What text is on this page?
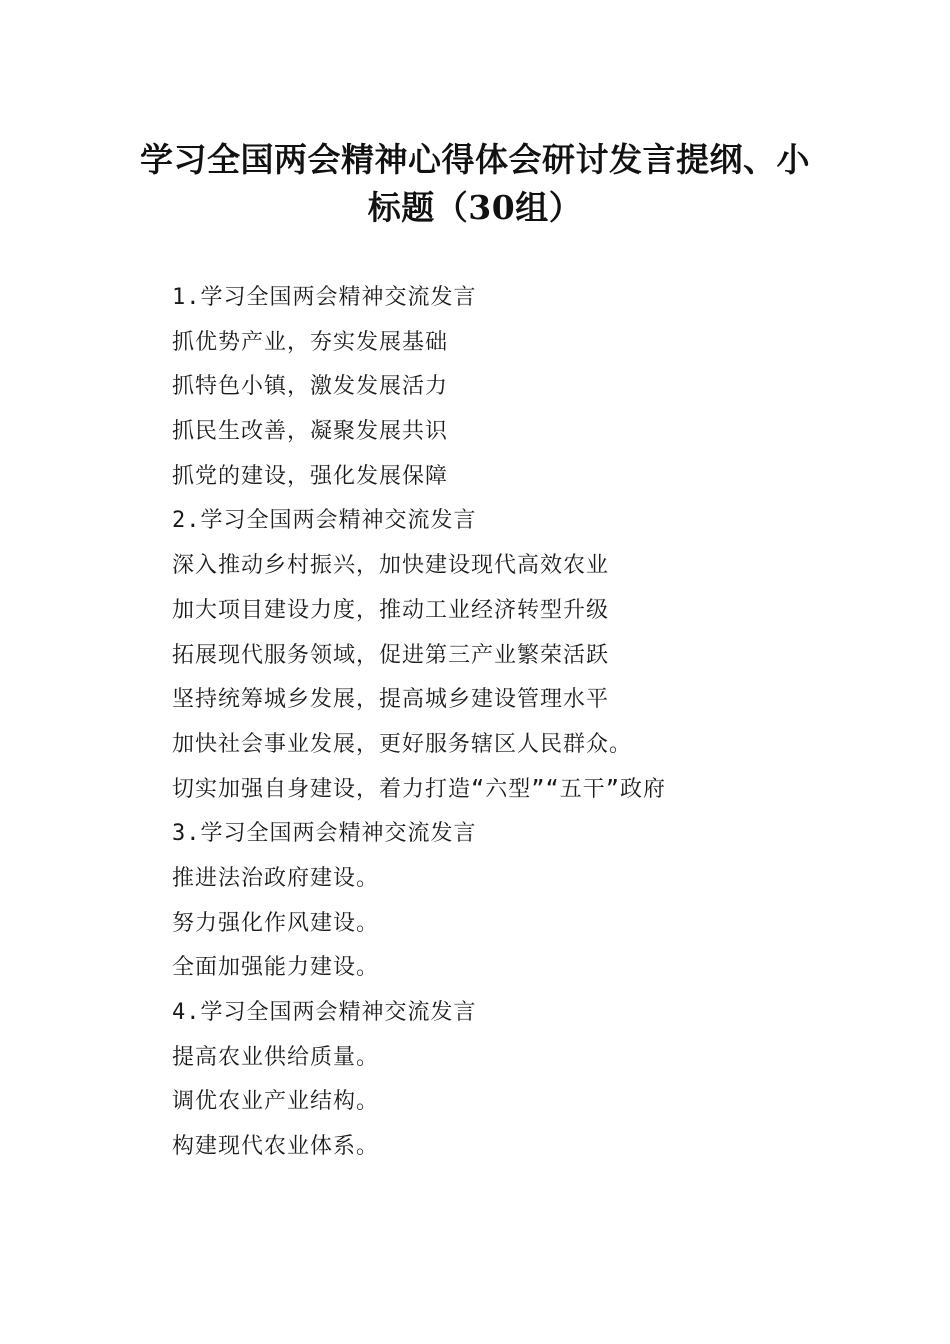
学习全国两会精神心得体会研讨发言提纲、小
标题（30组）
1.学习全国两会精神交流发言
抓优势产业，夯实发展基础
抓特色小镇，激发发展活力
抓民生改善，凝聚发展共识
抓党的建设，强化发展保障
2.学习全国两会精神交流发言
深入推动乡村振兴，加快建设现代高效农业
加大项目建设力度，推动工业经济转型升级
拓展现代服务领域，促进第三产业繁荣活跃
坚持统筹城乡发展，提高城乡建设管理水平
加快社会事业发展，更好服务辖区人民群众。
切实加强自身建设，着力打造“六型”“五干”政府
3.学习全国两会精神交流发言
推进法治政府建设。
努力强化作风建设。
全面加强能力建设。
4.学习全国两会精神交流发言
提高农业供给质量。
调优农业产业结构。
构建现代农业体系。
